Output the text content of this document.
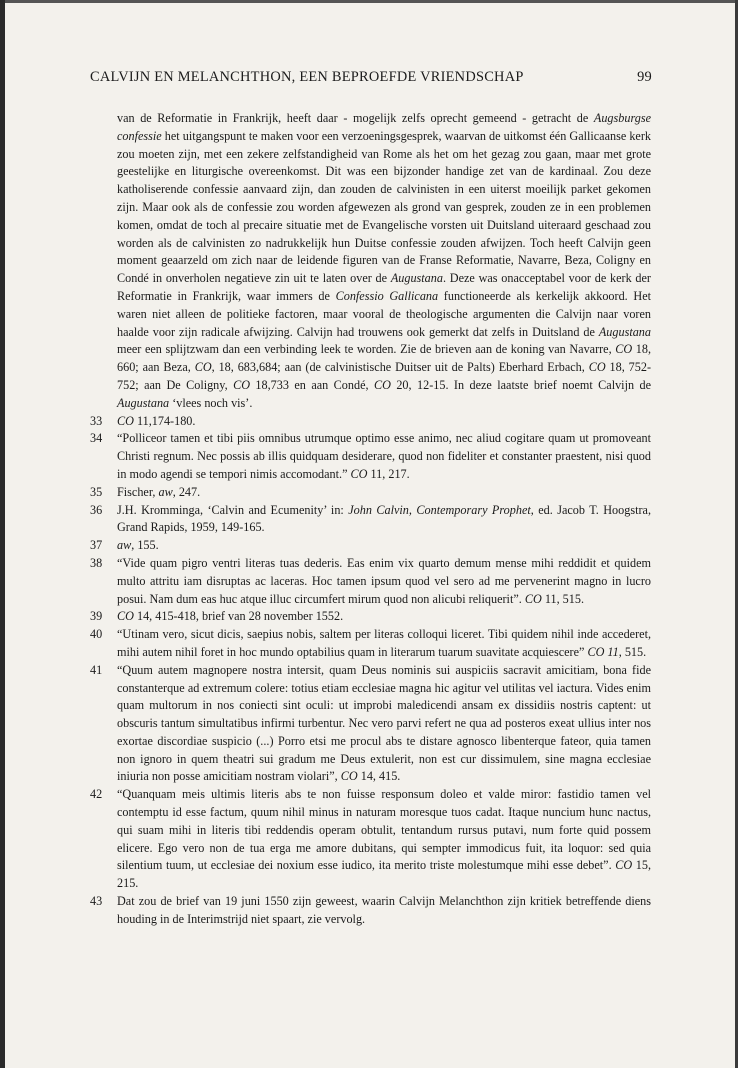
CALVIJN EN MELANCHTHON, EEN BEPROEFDE VRIENDSCHAP	99

van de Reformatie in Frankrijk, heeft daar - mogelijk zelfs oprecht gemeend - getracht de Augsburgse confessie het uitgangspunt te maken voor een verzoeningsgesprek, waarvan de uitkomst één Gallicaanse kerk zou moeten zijn, met een zekere zelfstandigheid van Rome als het om het gezag zou gaan, maar met grote geestelijke en liturgische overeenkomst. Dit was een bijzonder handige zet van de kardinaal. Zou deze katholiserende confessie aanvaard zijn, dan zouden de calvinisten in een uiterst moeilijk parket gekomen zijn. Maar ook als de confessie zou worden afgewezen als grond van gesprek, zouden ze in een problemen komen, omdat de toch al precaire situatie met de Evangelische vorsten uit Duitsland uiteraard geschaad zou worden als de calvinisten zo nadrukkelijk hun Duitse confessie zouden afwijzen. Toch heeft Calvijn geen moment geaarzeld om zich naar de leidende figuren van de Franse Reformatie, Navarre, Beza, Coligny en Condé in onverholen negatieve zin uit te laten over de Augustana. Deze was onacceptabel voor de kerk der Reformatie in Frankrijk, waar immers de Confessio Gallicana functioneerde als kerkelijk akkoord. Het waren niet alleen de politieke factoren, maar vooral de theologische argumenten die Calvijn naar voren haalde voor zijn radicale afwijzing. Calvijn had trouwens ook gemerkt dat zelfs in Duitsland de Augustana meer een splijtzwam dan een verbinding leek te worden. Zie de brieven aan de koning van Navarre, CO 18, 660; aan Beza, CO, 18, 683,684; aan (de calvinistische Duitser uit de Palts) Eberhard Erbach, CO 18, 752-752; aan De Coligny, CO 18,733 en aan Condé, CO 20, 12-15. In deze laatste brief noemt Calvijn de Augustana ‘vlees noch vis’.

33 CO 11,174-180.

34 “Polliceor tamen et tibi piis omnibus utrumque optimo esse animo, nec aliud cogitare quam ut promoveant Christi regnum. Nec possis ab illis quidquam desiderare, quod non fideliter et constanter praestent, nisi quod in modo agendi se tempori nimis accomodant.” CO 11, 217.

35 Fischer, aw, 247.

36 J.H. Kromminga, ‘Calvin and Ecumenity’ in: John Calvin, Contemporary Prophet, ed. Jacob T. Hoogstra, Grand Rapids, 1959, 149-165.

37 aw, 155.

38 “Vide quam pigro ventri literas tuas dederis. Eas enim vix quarto demum mense mihi reddidit et quidem multo attritu iam disruptas ac laceras. Hoc tamen ipsum quod vel sero ad me pervenerint magno in lucro posui. Nam dum eas huc atque illuc circumfert mirum quod non alicubi reliquerit”. CO 11, 515.

39 CO 14, 415-418, brief van 28 november 1552.

40 “Utinam vero, sicut dicis, saepius nobis, saltem per literas colloqui liceret. Tibi quidem nihil inde accederet, mihi autem nihil foret in hoc mundo optabilius quam in literarum tuarum suavitate acquiescere” CO 11, 515.

41 “Quum autem magnopere nostra intersit, quam Deus nominis sui auspiciis sacravit amicitiam, bona fide constanterque ad extremum colere: totius etiam ecclesiae magna hic agitur vel utilitas vel iactura. Vides enim quam multorum in nos coniecti sint oculi: ut improbi maledicendi ansam ex dissidiis nostris captent: ut obscuris tantum simultatibus infirmi turbentur. Nec vero parvi refert ne qua ad posteros exeat ullius inter nos exortae discordiae suspicio (...) Porro etsi me procul abs te distare agnosco libenterque fateor, quia tamen non ignoro in quem theatri sui gradum me Deus extulerit, non est cur dissimulem, sine magna ecclesiae iniuria non posse amicitiam nostram violari”, CO 14, 415.

42 “Quanquam meis ultimis literis abs te non fuisse responsum doleo et valde miror: fastidio tamen vel contemptu id esse factum, quum nihil minus in naturam moresque tuos cadat. Itaque nuncium hunc nactus, qui suam mihi in literis tibi reddendis operam obtulit, tentandum rursus putavi, num forte quid possem elicere. Ego vero non de tua erga me amore dubitans, qui sempter immodicus fuit, ita loquor: sed quia silentium tuum, ut ecclesiae dei noxium esse iudico, ita merito triste molestumque mihi esse debet”. CO 15, 215.

43 Dat zou de brief van 19 juni 1550 zijn geweest, waarin Calvijn Melanchthon zijn kritiek betreffende diens houding in de Interimstrijd niet spaart, zie vervolg.
